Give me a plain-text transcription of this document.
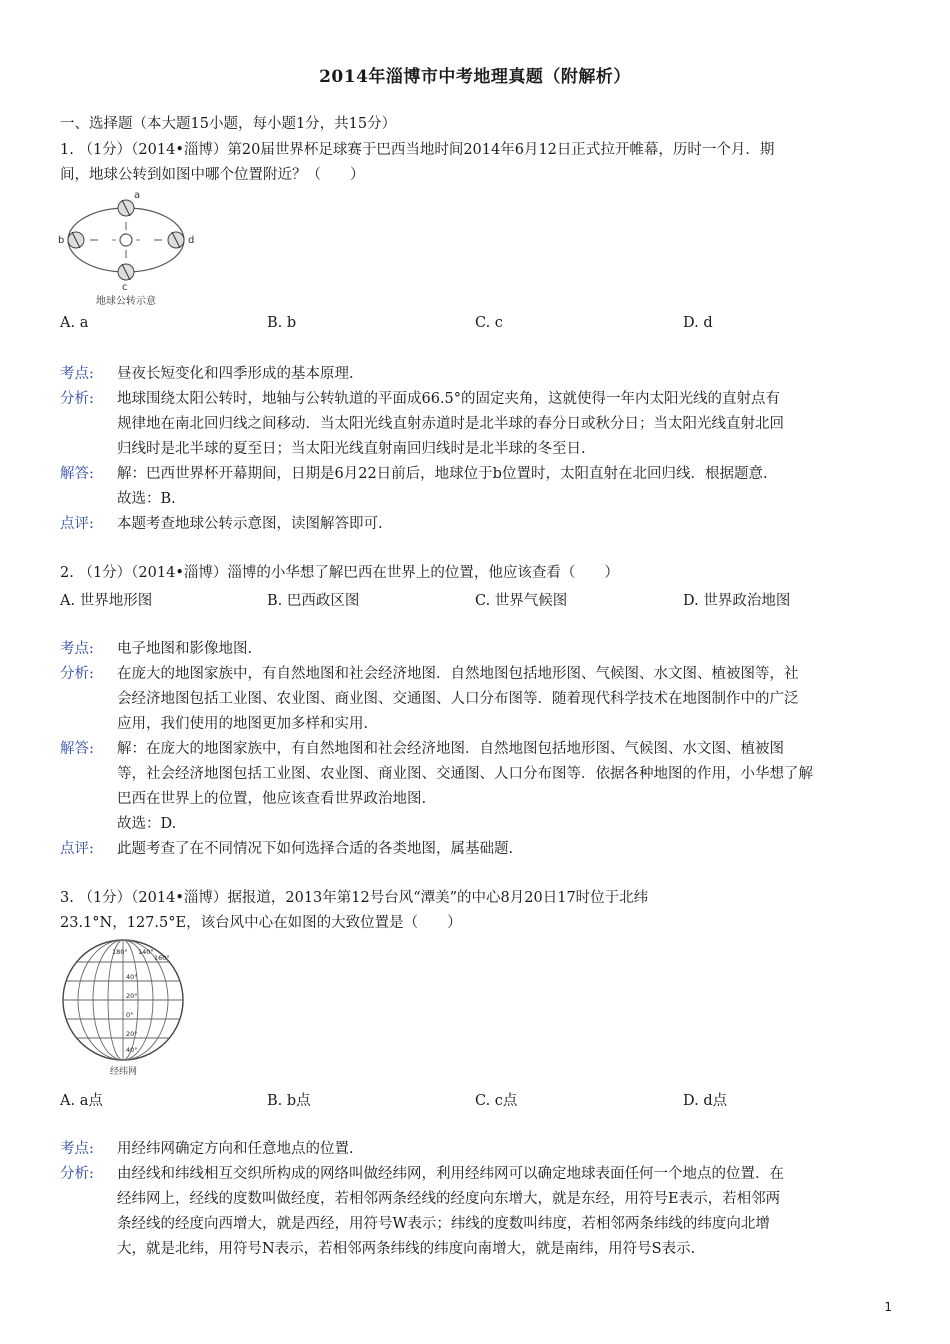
2014年淄博市中考地理真题（附解析）
一、选择题（本大题15小题，每小题1分，共15分）
1. （1分）（2014•淄博）第20届世界杯足球赛于巴西当地时间2014年6月12日正式拉开帷幕，历时一个月．期
间，地球公转到如图中哪个位置附近？（　　）
b	d
c
a
地球公转示意
A. a	B. b	C. c	D. d
考点: 昼夜长短变化和四季形成的基本原理.
分析: 地球围绕太阳公转时，地轴与公转轨道的平面成66.5°的固定夹角，这就使得一年内太阳光线的直射点有
规律地在南北回归线之间移动．当太阳光线直射赤道时是北半球的春分日或秋分日；当太阳光线直射北回
归线时是北半球的夏至日；当太阳光线直射南回归线时是北半球的冬至日.
解答: 解：巴西世界杯开幕期间，日期是6月22日前后，地球位于b位置时，太阳直射在北回归线．根据题意.
故选：B.
点评: 本题考查地球公转示意图，读图解答即可.
2. （1分）（2014•淄博）淄博的小华想了解巴西在世界上的位置，他应该查看（　　）
A. 世界地形图	B. 巴西政区图	C. 世界气候图	D. 世界政治地图
考点: 电子地图和影像地图.
分析: 在庞大的地图家族中，有自然地图和社会经济地图．自然地图包括地形图、气候图、水文图、植被图等，社
会经济地图包括工业图、农业图、商业图、交通图、人口分布图等．随着现代科学技术在地图制作中的广泛
应用，我们使用的地图更加多样和实用.
解答: 解：在庞大的地图家族中，有自然地图和社会经济地图．自然地图包括地形图、气候图、水文图、植被图
等，社会经济地图包括工业图、农业图、商业图、交通图、人口分布图等．依据各种地图的作用，小华想了解
巴西在世界上的位置，他应该查看世界政治地图.
故选：D.
点评: 此题考查了在不同情况下如何选择合适的各类地图，属基础题.
3. （1分）（2014•淄博）据报道，2013年第12号台风“潭美”的中心8月20日17时位于北纬
23.1°N，127.5°E，该台风中心在如图的大致位置是（　　）
180° 140°
160°
40°
20°
0°
20°
40°
经纬网
A. a点	B. b点	C. c点	D. d点
考点: 用经纬网确定方向和任意地点的位置.
分析: 由经线和纬线相互交织所构成的网络叫做经纬网，利用经纬网可以确定地球表面任何一个地点的位置．在
经纬网上，经线的度数叫做经度，若相邻两条经线的经度向东增大，就是东经，用符号E表示，若相邻两
条经线的经度向西增大，就是西经，用符号W表示；纬线的度数叫纬度，若相邻两条纬线的纬度向北增
大，就是北纬，用符号N表示，若相邻两条纬线的纬度向南增大，就是南纬，用符号S表示.
1
